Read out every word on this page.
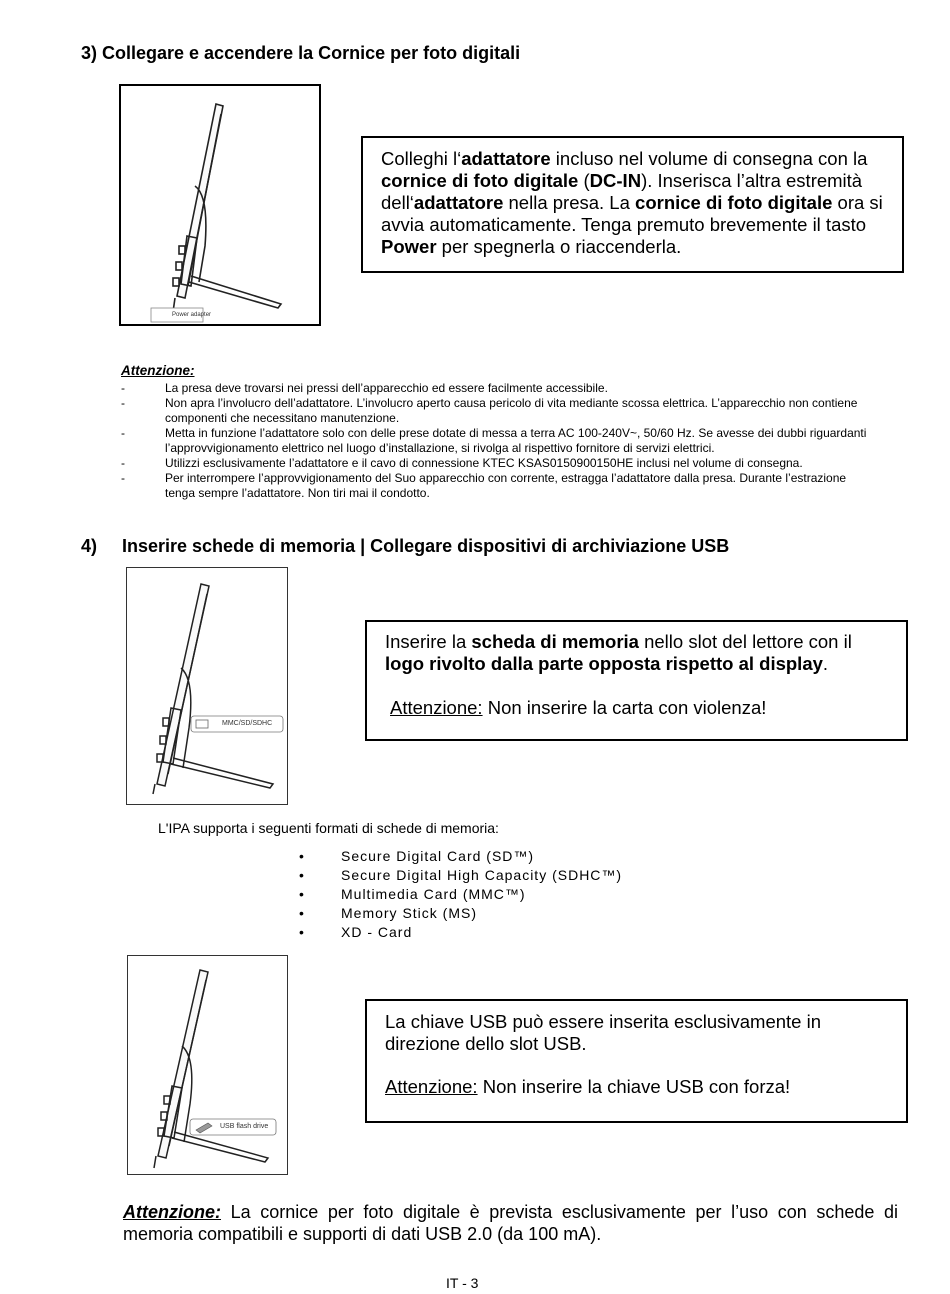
3) Collegare e accendere la Cornice per foto digitali
Power adapter
Colleghi l‘adattatore incluso nel volume di consegna con la cornice di foto digitale (DC-IN). Inserisca l’altra estremità dell‘adattatore nella presa. La cornice di foto digitale ora si avvia automaticamente. Tenga premuto brevemente il tasto Power per spegnerla o riaccenderla.
Attenzione:
-	La presa deve trovarsi nei pressi dell’apparecchio ed essere facilmente accessibile.
-	Non apra l’involucro dell’adattatore. L’involucro aperto causa pericolo di vita mediante scossa elettrica. L’apparecchio non contiene componenti che necessitano manutenzione.
-	Metta in funzione l’adattatore solo con delle prese dotate di messa a terra AC 100-240V~, 50/60 Hz. Se avesse dei dubbi riguardanti l’approvvigionamento elettrico nel luogo d’installazione, si rivolga al rispettivo fornitore di servizi elettrici.
-	Utilizzi esclusivamente l’adattatore e il cavo di connessione KTEC KSAS0150900150HE inclusi nel volume di consegna.
-	Per interrompere l’approvvigionamento del Suo apparecchio con corrente, estragga l’adattatore dalla presa. Durante l’estrazione tenga sempre l’adattatore. Non tiri mai il condotto.
4) Inserire schede di memoria | Collegare dispositivi di archiviazione USB
MMC/SD/SDHC
Inserire la scheda di memoria nello slot del lettore con il logo rivolto dalla parte opposta rispetto al display.
Attenzione: Non inserire la carta con violenza!
L'IPA supporta i seguenti formati di schede di memoria:
•	Secure Digital Card (SD™)
•	Secure Digital High Capacity (SDHC™)
•	Multimedia Card (MMC™)
•	Memory Stick (MS)
•	XD - Card
USB flash drive
La chiave USB può essere inserita esclusivamente in direzione dello slot USB.
Attenzione: Non inserire la chiave USB con forza!
Attenzione: La cornice per foto digitale è prevista esclusivamente per l’uso con schede di memoria compatibili e supporti di dati USB 2.0 (da 100 mA).
IT - 3
